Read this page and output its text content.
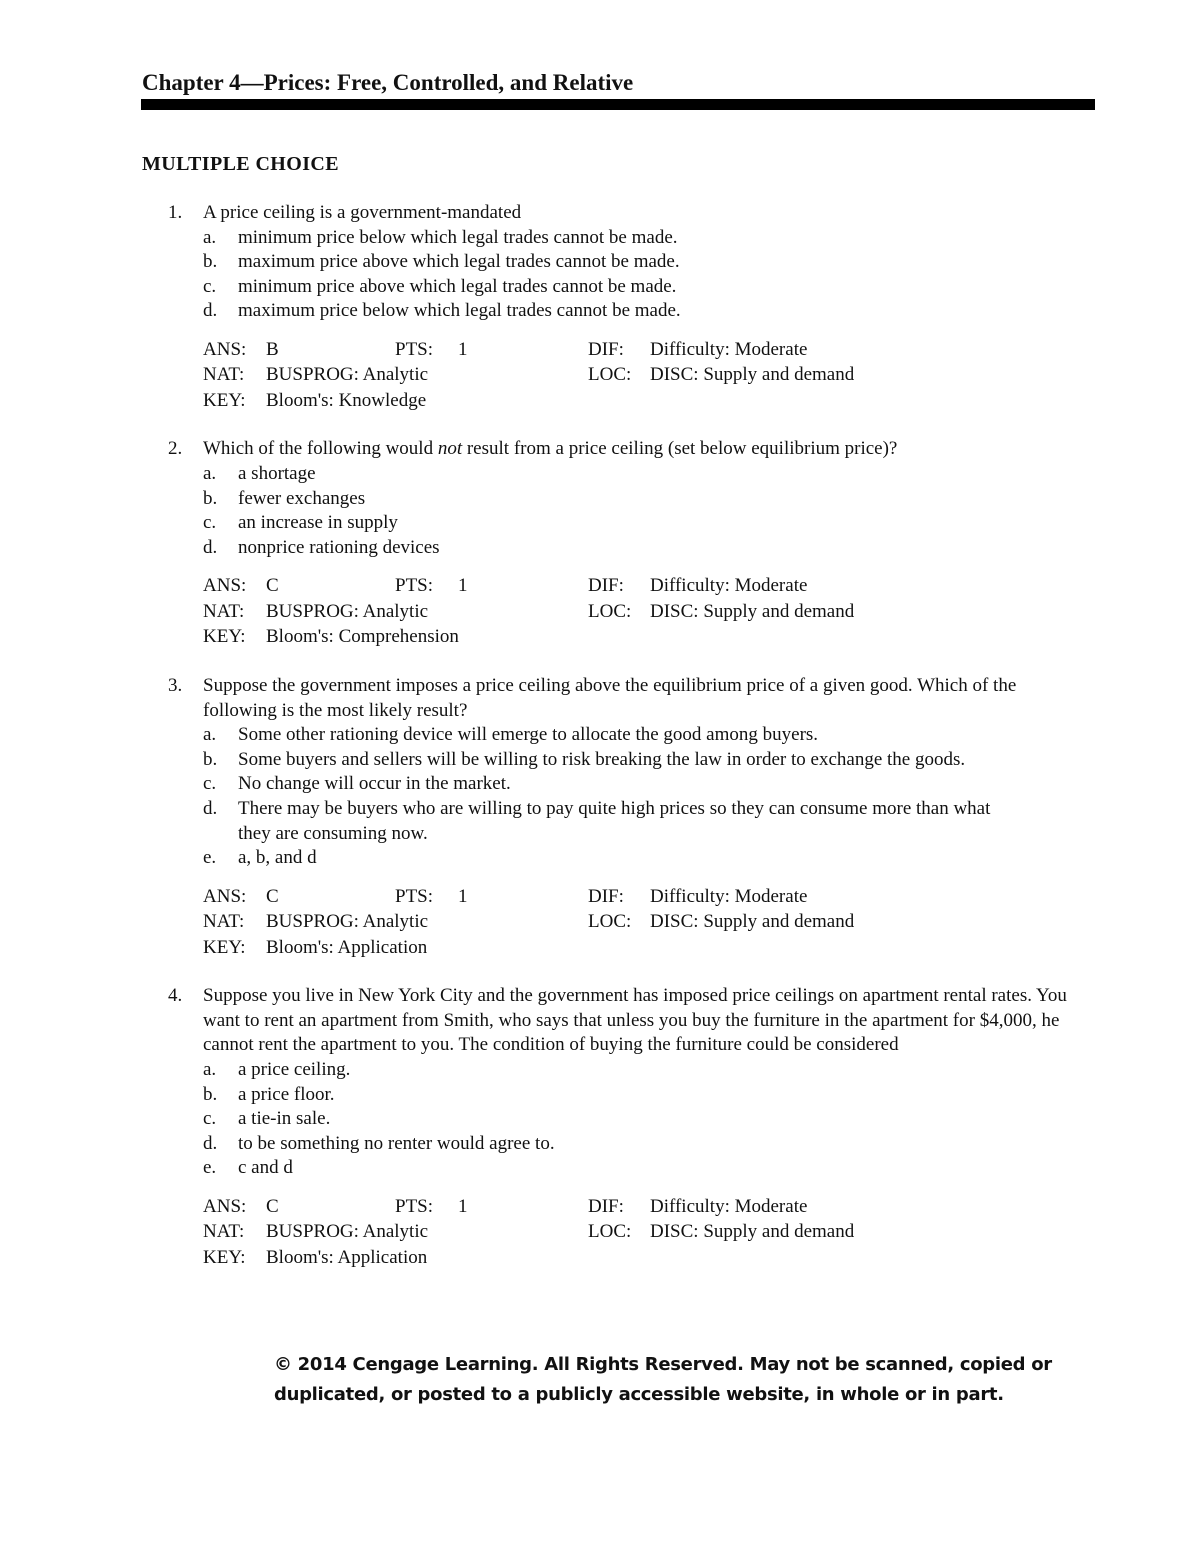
Chapter 4—Prices: Free, Controlled, and Relative
MULTIPLE CHOICE
1. A price ceiling is a government-mandated
a. minimum price below which legal trades cannot be made.
b. maximum price above which legal trades cannot be made.
c. minimum price above which legal trades cannot be made.
d. maximum price below which legal trades cannot be made.
ANS: B	PTS: 1	DIF: Difficulty: Moderate
NAT: BUSPROG: Analytic	LOC: DISC: Supply and demand
KEY: Bloom's: Knowledge
2. Which of the following would not result from a price ceiling (set below equilibrium price)?
a. a shortage
b. fewer exchanges
c. an increase in supply
d. nonprice rationing devices
ANS: C	PTS: 1	DIF: Difficulty: Moderate
NAT: BUSPROG: Analytic	LOC: DISC: Supply and demand
KEY: Bloom's: Comprehension
3. Suppose the government imposes a price ceiling above the equilibrium price of a given good. Which of the following is the most likely result?
a. Some other rationing device will emerge to allocate the good among buyers.
b. Some buyers and sellers will be willing to risk breaking the law in order to exchange the goods.
c. No change will occur in the market.
d. There may be buyers who are willing to pay quite high prices so they can consume more than what they are consuming now.
e. a, b, and d
ANS: C	PTS: 1	DIF: Difficulty: Moderate
NAT: BUSPROG: Analytic	LOC: DISC: Supply and demand
KEY: Bloom's: Application
4. Suppose you live in New York City and the government has imposed price ceilings on apartment rental rates. You want to rent an apartment from Smith, who says that unless you buy the furniture in the apartment for $4,000, he cannot rent the apartment to you. The condition of buying the furniture could be considered
a. a price ceiling.
b. a price floor.
c. a tie-in sale.
d. to be something no renter would agree to.
e. c and d
ANS: C	PTS: 1	DIF: Difficulty: Moderate
NAT: BUSPROG: Analytic	LOC: DISC: Supply and demand
KEY: Bloom's: Application
© 2014 Cengage Learning. All Rights Reserved. May not be scanned, copied or duplicated, or posted to a publicly accessible website, in whole or in part.
